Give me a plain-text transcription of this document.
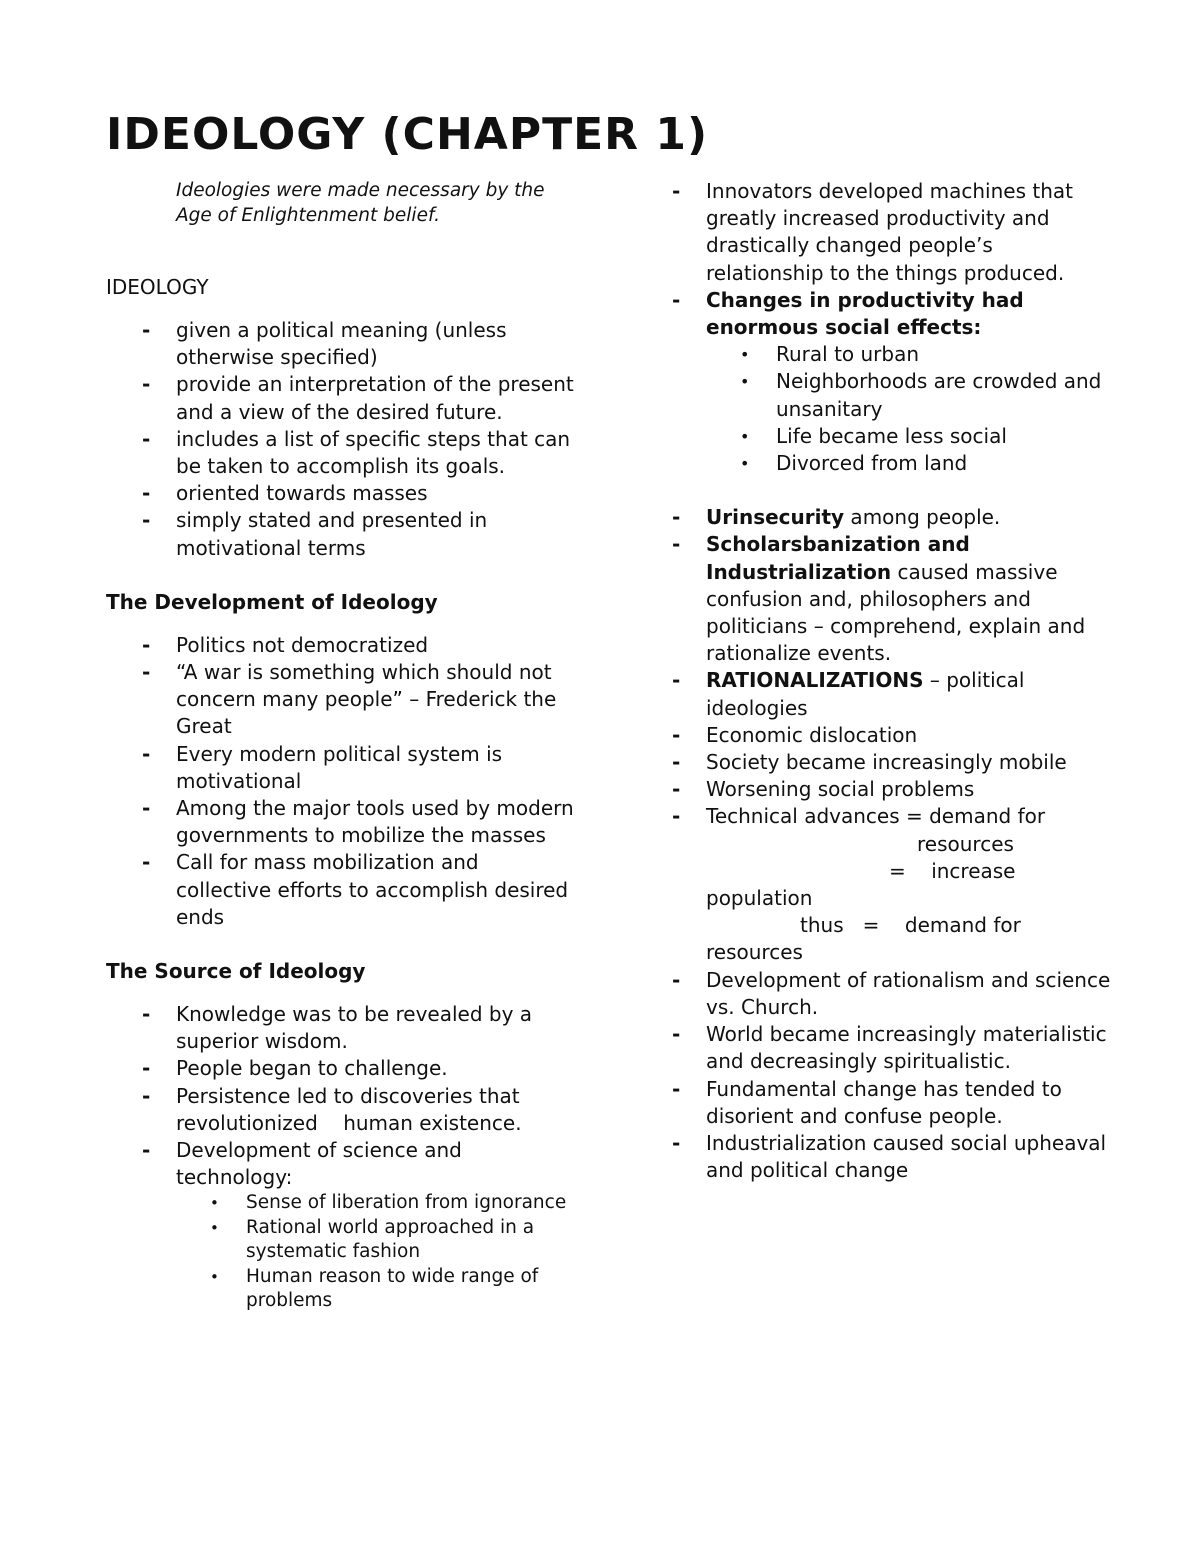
IDEOLOGY (CHAPTER 1)

Ideologies were made necessary by the Age of Enlightenment belief.

IDEOLOGY
- given a political meaning (unless otherwise specified)
- provide an interpretation of the present and a view of the desired future.
- includes a list of specific steps that can be taken to accomplish its goals.
- oriented towards masses
- simply stated and presented in motivational terms
The Development of Ideology
- Politics not democratized
- “A war is something which should not concern many people” – Frederick the Great
- Every modern political system is motivational
- Among the major tools used by modern governments to mobilize the masses
- Call for mass mobilization and collective efforts to accomplish desired ends
The Source of Ideology
- Knowledge was to be revealed by a superior wisdom.
- People began to challenge.
- Persistence led to discoveries that revolutionized    human existence.
- Development of science and technology:
• Sense of liberation from ignorance
• Rational world approached in a systematic fashion
• Human reason to wide range of problems
- Innovators developed machines that greatly increased productivity and drastically changed people’s relationship to the things produced.
- Changes in productivity had enormous social effects:
• Rural to urban
• Neighborhoods are crowded and unsanitary
• Life became less social
• Divorced from land
- Urinsecurity among people.
- Scholarsbanization and Industrialization caused massive confusion and, philosophers and politicians – comprehend, explain and rationalize events.
- RATIONALIZATIONS – political ideologies
- Economic dislocation
- Society became increasingly mobile
- Worsening social problems
- Technical advances = demand for
resources
=    increase
population
thus   =    demand for
resources
- Development of rationalism and science vs. Church.
- World became increasingly materialistic and decreasingly spiritualistic.
- Fundamental change has tended to disorient and confuse people.
- Industrialization caused social upheaval and political change
